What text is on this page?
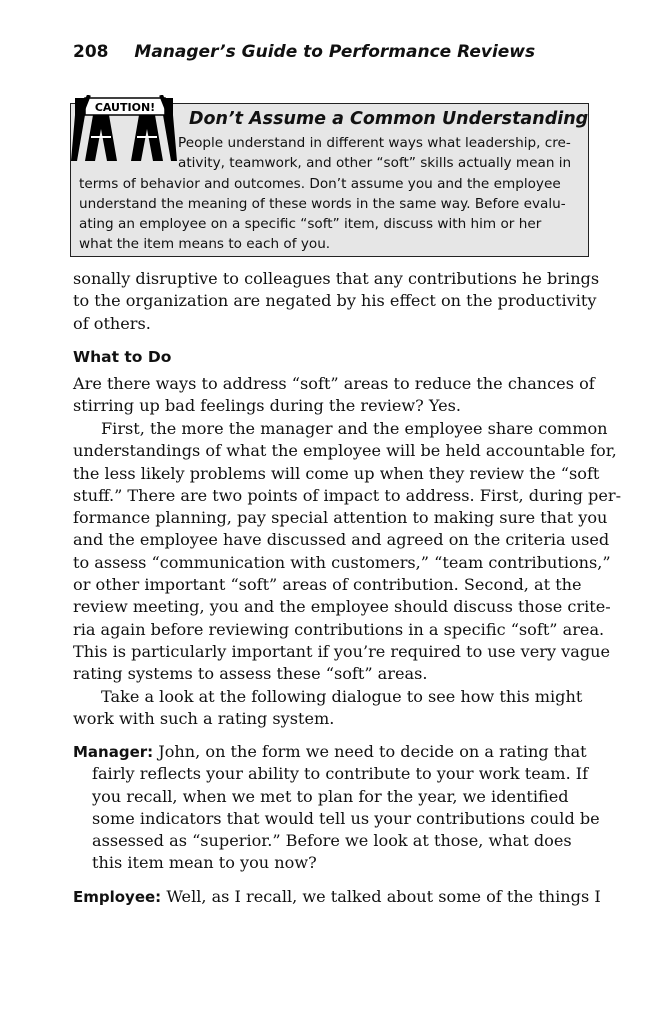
208 Manager’s Guide to Performance Reviews
CAUTION!
Don’t Assume a Common Understanding
People understand in different ways what leadership, cre-
ativity, teamwork, and other “soft” skills actually mean in
terms of behavior and outcomes. Don’t assume you and the employee
understand the meaning of these words in the same way. Before evalu-
ating an employee on a specific “soft” item, discuss with him or her
what the item means to each of you.
sonally disruptive to colleagues that any contributions he brings
to the organization are negated by his effect on the productivity
of others.
What to Do
Are there ways to address “soft” areas to reduce the chances of
stirring up bad feelings during the review? Yes.
First, the more the manager and the employee share common
understandings of what the employee will be held accountable for,
the less likely problems will come up when they review the “soft
stuff.” There are two points of impact to address. First, during per-
formance planning, pay special attention to making sure that you
and the employee have discussed and agreed on the criteria used
to assess “communication with customers,” “team contributions,”
or other important “soft” areas of contribution. Second, at the
review meeting, you and the employee should discuss those crite-
ria again before reviewing contributions in a specific “soft” area.
This is particularly important if you’re required to use very vague
rating systems to assess these “soft” areas.
Take a look at the following dialogue to see how this might
work with such a rating system.
Manager: John, on the form we need to decide on a rating that
fairly reflects your ability to contribute to your work team. If
you recall, when we met to plan for the year, we identified
some indicators that would tell us your contributions could be
assessed as “superior.” Before we look at those, what does
this item mean to you now?
Employee: Well, as I recall, we talked about some of the things I
